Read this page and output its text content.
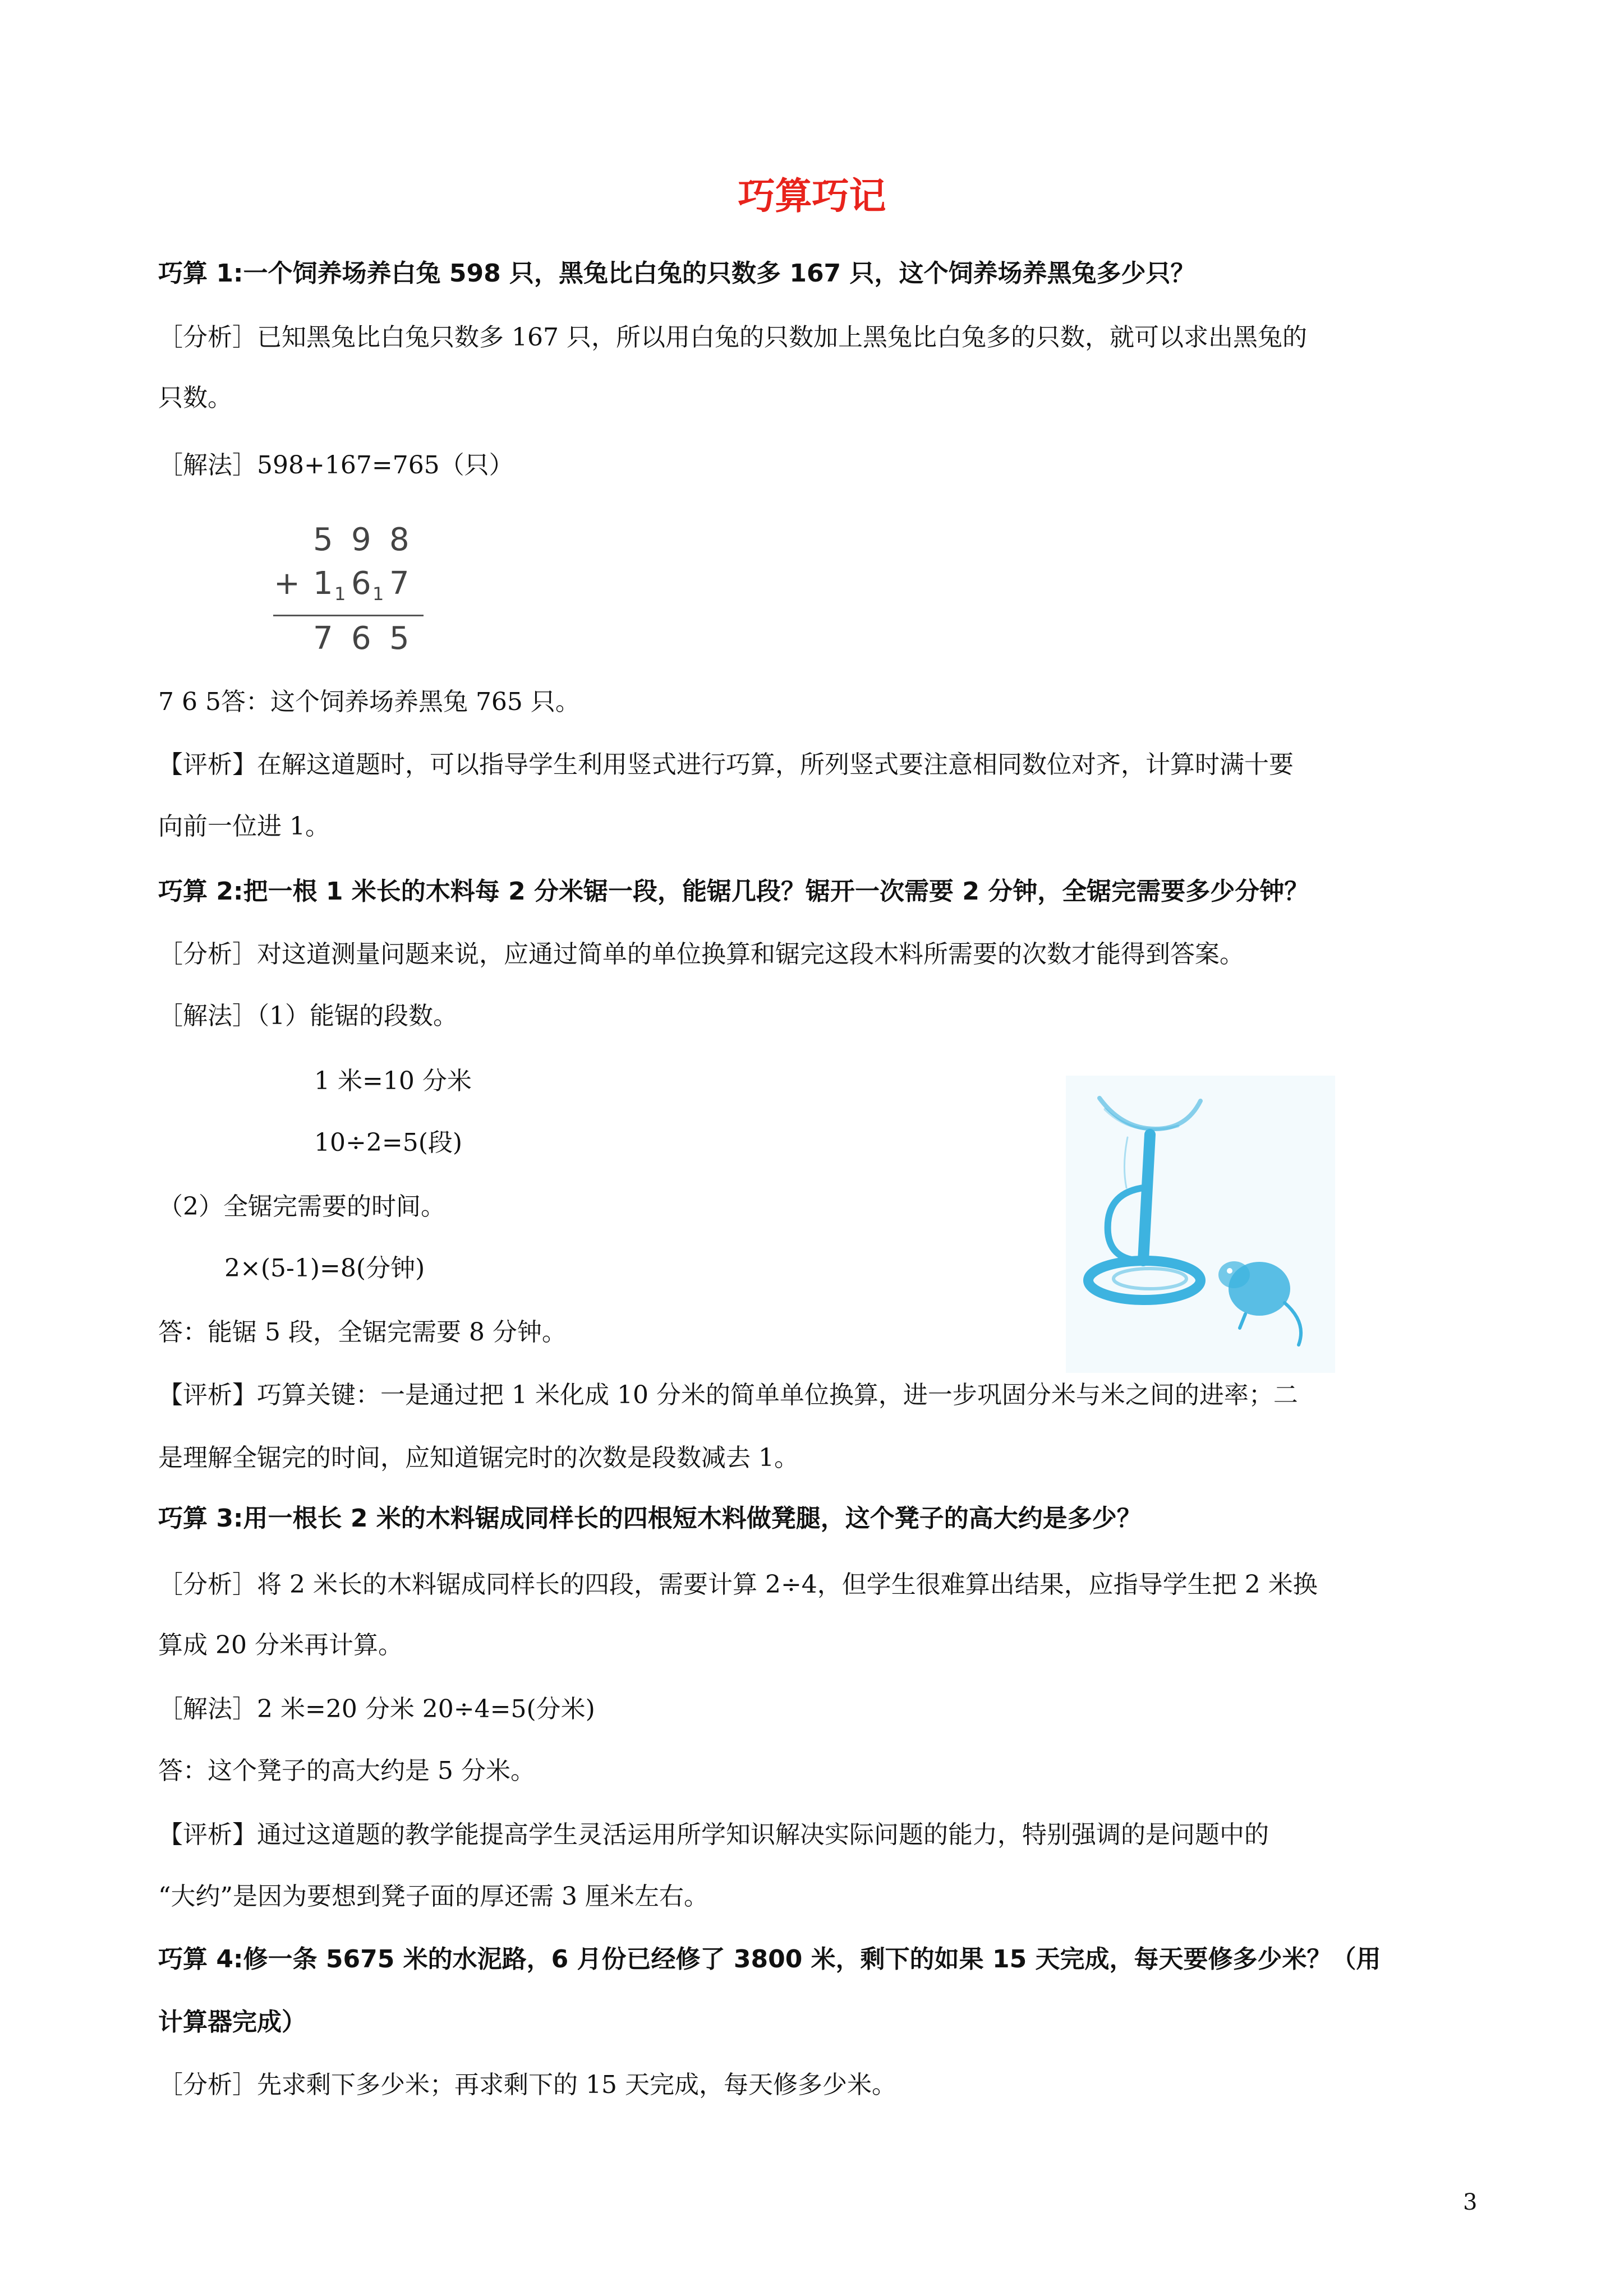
巧算巧记
巧算 1:一个饲养场养白兔 598 只，黑兔比白兔的只数多 167 只，这个饲养场养黑兔多少只？
［分析］已知黑兔比白兔只数多 167 只，所以用白兔的只数加上黑兔比白兔多的只数，就可以求出黑兔的
只数。
［解法］598+167=765（只）
5 9 8
+ 1 1 6 1 7
7 6 5
7 6 5答：这个饲养场养黑兔 765 只。
【评析】在解这道题时，可以指导学生利用竖式进行巧算，所列竖式要注意相同数位对齐，计算时满十要
向前一位进 1。
巧算 2:把一根 1 米长的木料每 2 分米锯一段，能锯几段？锯开一次需要 2 分钟，全锯完需要多少分钟？
［分析］对这道测量问题来说，应通过简单的单位换算和锯完这段木料所需要的次数才能得到答案。
［解法］（1）能锯的段数。
1 米=10 分米
10÷2=5(段)
（2）全锯完需要的时间。
2×(5-1)=8(分钟)
答：能锯 5 段，全锯完需要 8 分钟。
【评析】巧算关键：一是通过把 1 米化成 10 分米的简单单位换算，进一步巩固分米与米之间的进率；二
是理解全锯完的时间，应知道锯完时的次数是段数减去 1。
巧算 3:用一根长 2 米的木料锯成同样长的四根短木料做凳腿，这个凳子的高大约是多少？
［分析］将 2 米长的木料锯成同样长的四段，需要计算 2÷4，但学生很难算出结果，应指导学生把 2 米换
算成 20 分米再计算。
［解法］2 米=20 分米 20÷4=5(分米)
答：这个凳子的高大约是 5 分米。
【评析】通过这道题的教学能提高学生灵活运用所学知识解决实际问题的能力，特别强调的是问题中的
“大约”是因为要想到凳子面的厚还需 3 厘米左右。
巧算 4:修一条 5675 米的水泥路，6 月份已经修了 3800 米，剩下的如果 15 天完成，每天要修多少米？（用
计算器完成）
［分析］先求剩下多少米；再求剩下的 15 天完成，每天修多少米。
3
